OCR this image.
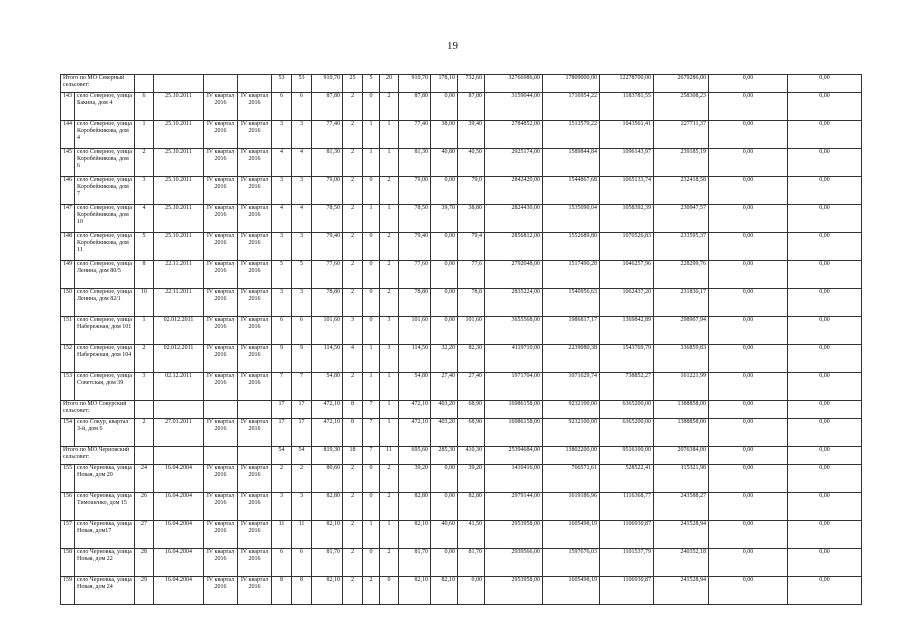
19
Итого по МО Северный сельсовет:						53	53	910,70	25	5	20	910,70	178,10	732,60	32766986,00	17809000,00	12278700,00	2679286,00	0,00	0,00
143	село Северное, улица Бакина, дом 4	6	25.10.2011	IV квартал 2016	IV квартал 2016	6	6	87,80	2	0	2	87,80	0,00	87,80	3159044,00	1716954,22	1183781,55	258308,23	0,00	0,00
144	село Северное, улица Коробейникова, дом 4	1	25.10.2011	IV квартал 2016	IV квартал 2016	3	3	77,40	2	1	1	77,40	38,00	39,40	2784852,00	1513579,22	1043561,41	227711,37	0,00	0,00
145	село Северное, улица Коробейникова, дом 6	2	25.10.2011	IV квартал 2016	IV квартал 2016	4	4	81,30	2	1	1	81,30	40,80	40,50	2925174,00	1589844,84	1096143,97	239185,19	0,00	0,00
146	село Северное, улица Коробейникова, дом 7	3	25.10.2011	IV квартал 2016	IV квартал 2016	3	3	79,00	2	0	2	79,00	0,00	79,0	2842420,00	1544867,68	1065133,74	232418,58	0,00	0,00
147	село Северное, улица Коробейникова, дом 10	4	25.10.2011	IV квартал 2016	IV квартал 2016	4	4	78,50	2	1	1	78,50	39,70	38,80	2824430,00	1535090,04	1058392,39	230947,57	0,00	0,00
148	село Северное, улица Коробейникова, дом 11	5	25.10.2011	IV квартал 2016	IV квартал 2016	3	3	79,40	2	0	2	79,40	0,00	79,4	2856812,00	1552689,80	1070526,83	233595,37	0,00	0,00
149	село Северное, улица Ленина, дом 80/5	8	22.11.2011	IV квартал 2016	IV квартал 2016	5	5	77,60	2	0	2	77,60	0,00	77,6	2792048,00	1517490,28	1046257,96	228299,76	0,00	0,00
150	село Северное, улица Ленина, дом 82/1	10	22.11.2011	IV квартал 2016	IV квартал 2016	3	3	78,80	2	0	2	78,80	0,00	78,8	2835224,00	1540956,63	1062437,20	231830,17	0,00	0,00
151	село Северное, улица Набережная, дом 101	1	02.012.2011	IV квартал 2016	IV квартал 2016	6	6	101,60	3	0	3	101,60	0,00	101,60	3655568,00	1986817,17	1369842,89	298907,94	0,00	0,00
152	село Северное, улица Набережная, дом 104	2	02.012.2011	IV квартал 2016	IV квартал 2016	9	9	114,50	4	1	3	114,50	32,20	82,30	4119710,00	2239080,38	1543769,79	336859,83	0,00	0,00
153	село Северное, улица Советская, дом 39	3	02.12.2011	IV квартал 2016	IV квартал 2016	7	7	54,80	2	1	1	54,80	27,40	27,40	1971704,00	1071629,74	738852,27	161221,99	0,00	0,00
Итого по МО Сокурский сельсовет:						17	17	472,10	8	7	1	472,10	403,20	68,90	16986158,00	9232100,00	6365200,00	1388858,00	0,00	0,00
154	село Сокур, квартал 3-й, дом 6	2	27.01.2011	IV квартал 2016	IV квартал 2016	17	17	472,10	8	7	1	472,10	403,20	68,90	16986158,00	9232100,00	6365200,00	1388858,00	0,00	0,00
Итого по МО Черновский сельсовет:						54	54	819,30	18	7	11	695,60	285,30	410,30	25394684,00	13802200,00	9516100,00	2076384,00	0,00	0,00
155	село Черновка, улица Новая, дом 20	24	16.04.2004	IV квартал 2016	IV квартал 2016	2	2	80,60	2	0	2	39,20	0,00	39,20	1410416,00	766571,61	528522,41	115321,98	0,00	0,00
156	село Черновка, улица Тимошенко, дом 15	26	16.04.2004	IV квартал 2016	IV квартал 2016	3	3	82,80	2	0	2	82,80	0,00	82,80	2979144,00	1619186,96	1116368,77	243588,27	0,00	0,00
157	село Черновка, улица Новая, дом17	27	16.04.2004	IV квартал 2016	IV квартал 2016	11	11	82,10	2	1	1	82,10	40,60	41,50	2953958,00	1605498,19	1106930,87	241528,94	0,00	0,00
158	село Черновка, улица Новая, дом 22	28	16.04.2004	IV квартал 2016	IV квартал 2016	6	6	81,70	2	0	2	81,70	0,00	81,70	2939566,00	1597676,03	1101537,79	240352,18	0,00	0,00
159	село Черновка, улица Новая, дом 24	29	16.04.2004	IV квартал 2016	IV квартал 2016	8	8	82,10	2	2	0	82,10	82,10	0,00	2953958,00	1605498,19	1106930,87	241528,94	0,00	0,00
